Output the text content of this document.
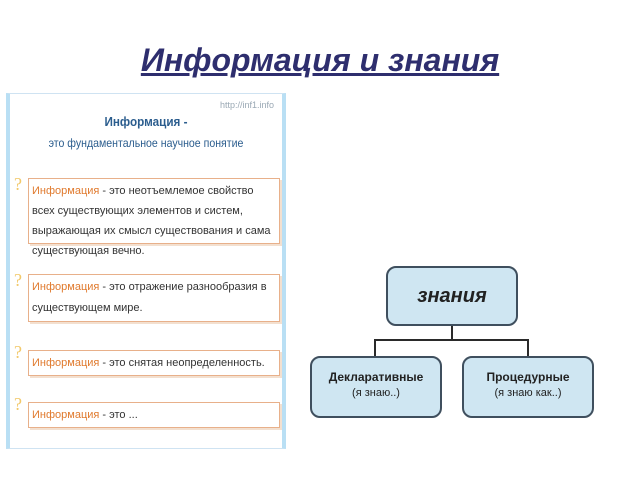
Информация и знания
http://inf1.info
Информация -
это фундаментальное научное понятие
? Информация - это неотъемлемое свойство всех существующих элементов и систем, выражающая их смысл существования и сама существующая вечно.
? Информация - это отражение разнообразия в существующем мире.
?
Информация - это снятая неопределенность.
?
Информация - это ...
знания
Декларативные
(я знаю..)
Процедурные
(я знаю как..)
